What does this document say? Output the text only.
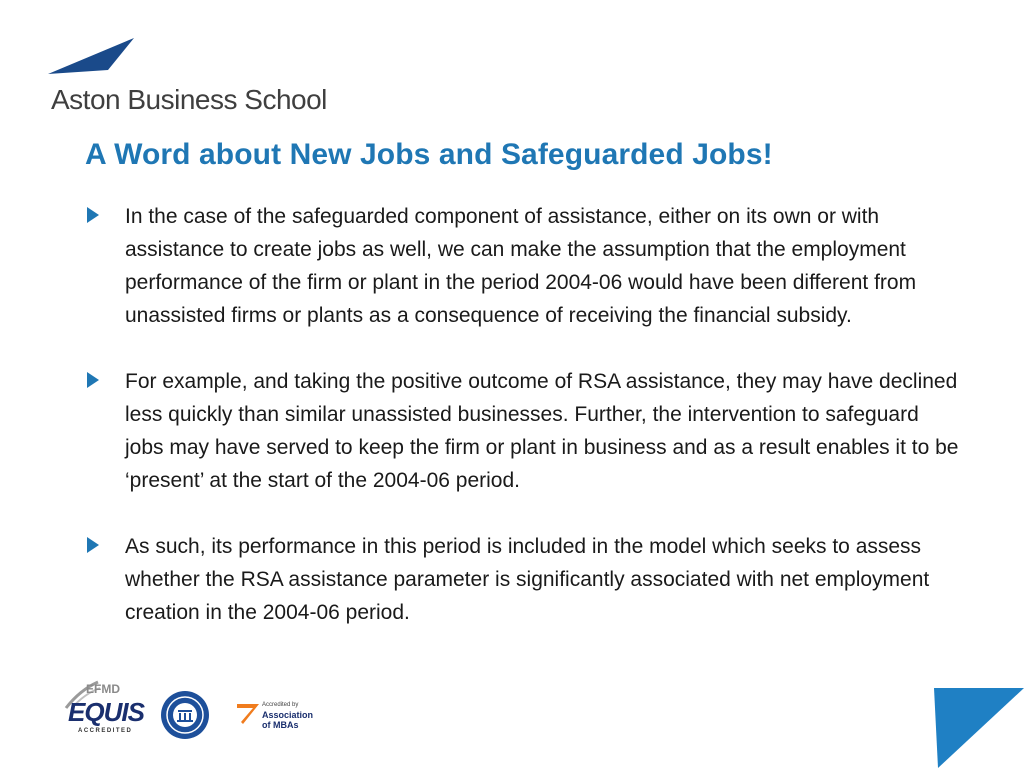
Aston Business School
A Word about New Jobs and Safeguarded Jobs!
In the case of the safeguarded component of assistance, either on its own or with assistance to create jobs as well, we can make the assumption that the employment performance of the firm or plant in the period 2004-06 would have been different from unassisted firms or plants as a consequence of receiving the financial subsidy.
For example, and taking the positive outcome of RSA assistance, they may have declined less quickly than similar unassisted businesses. Further, the intervention to safeguard jobs may have served to keep the firm or plant in business and as a result enables it to be ‘present’ at the start of the 2004-06 period.
As such, its performance in this period is included in the model which seeks to assess whether the RSA assistance parameter is significantly associated with net employment creation in the 2004-06 period.
EFMD
EQUIS
ACCREDITED
Accredited by
Association
of MBAs
